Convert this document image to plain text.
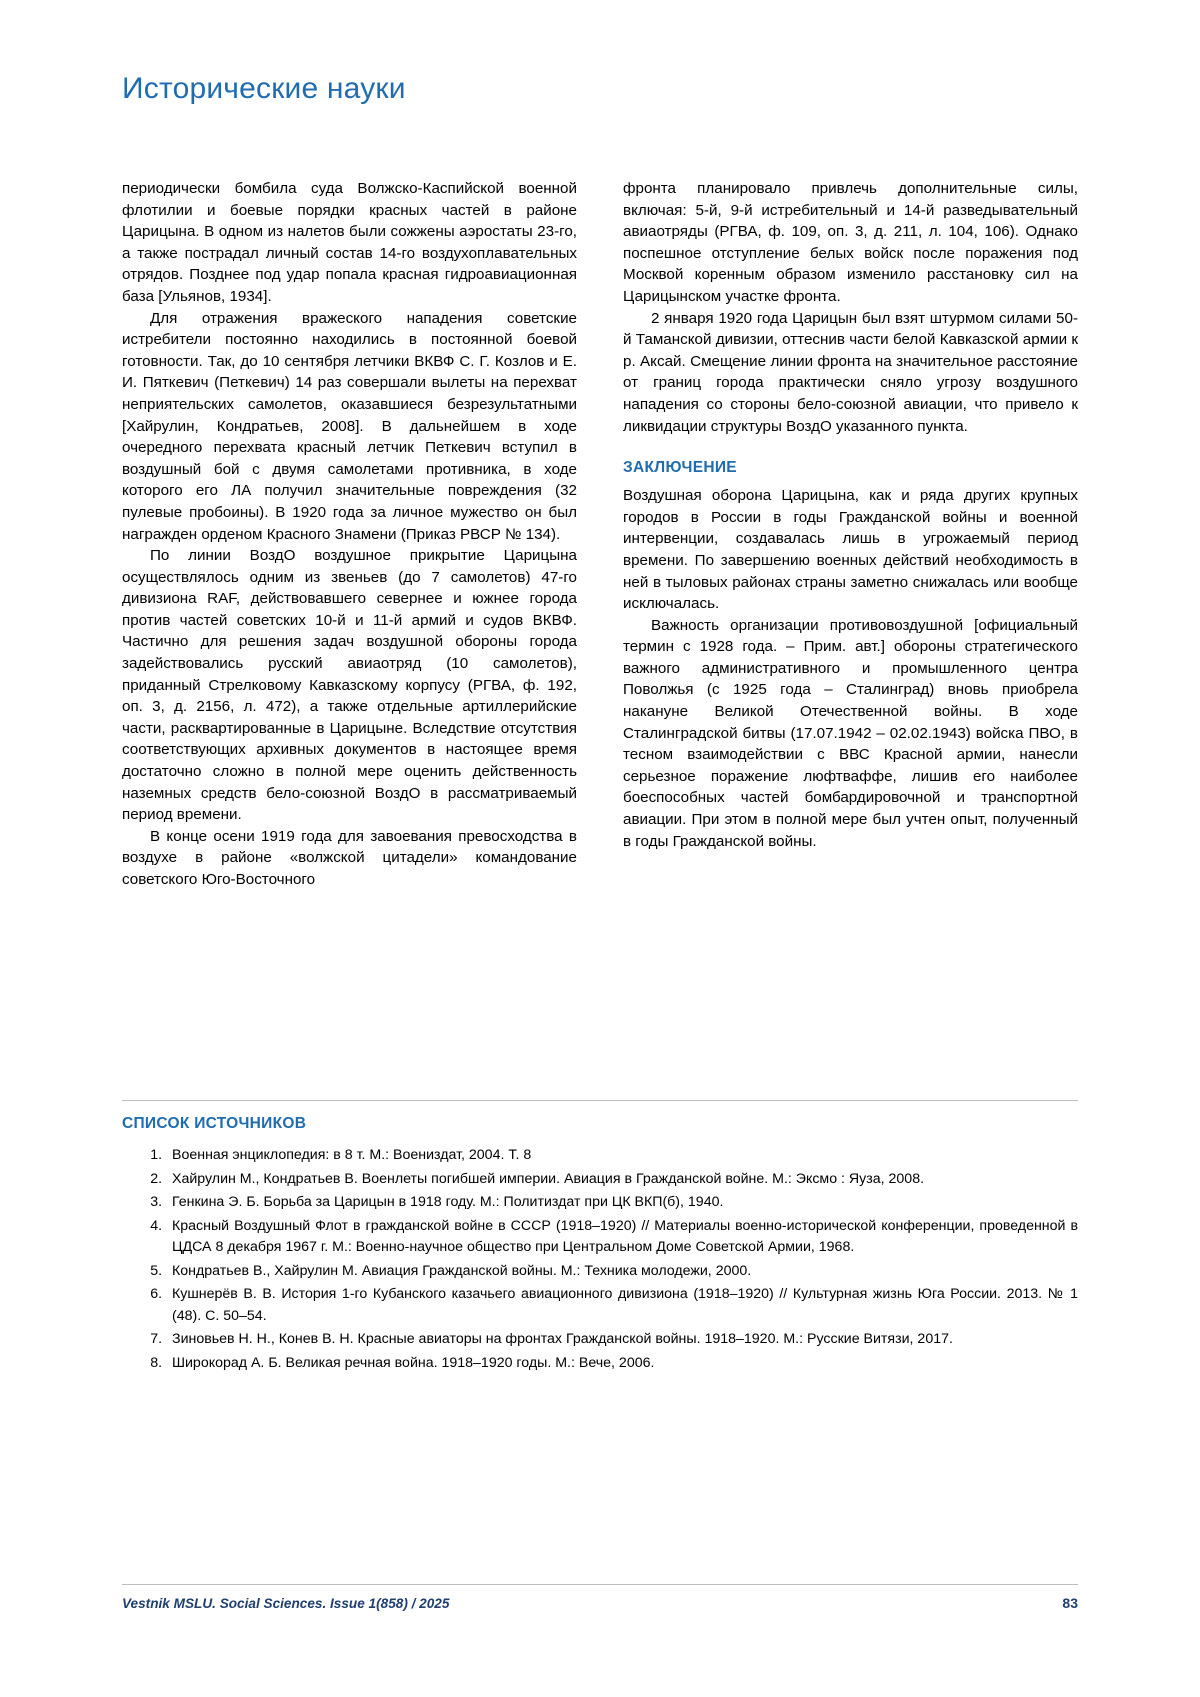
Исторические науки

периодически бомбила суда Волжско-Каспийской военной флотилии и боевые порядки красных частей в районе Царицына. В одном из налетов были сожжены аэростаты 23-го, а также пострадал личный состав 14-го воздухоплавательных отрядов. Позднее под удар попала красная гидроавиационная база [Ульянов, 1934].

Для отражения вражеского нападения советские истребители постоянно находились в постоянной боевой готовности. Так, до 10 сентября летчики ВКВФ С. Г. Козлов и Е. И. Пяткевич (Петкевич) 14 раз совершали вылеты на перехват неприятельских самолетов, оказавшиеся безрезультатными [Хайрулин, Кондратьев, 2008]. В дальнейшем в ходе очередного перехвата красный летчик Петкевич вступил в воздушный бой с двумя самолетами противника, в ходе которого его ЛА получил значительные повреждения (32 пулевые пробоины). В 1920 года за личное мужество он был награжден орденом Красного Знамени (Приказ РВСР № 134).

По линии ВоздО воздушное прикрытие Царицына осуществлялось одним из звеньев (до 7 самолетов) 47-го дивизиона RAF, действовавшего севернее и южнее города против частей советских 10-й и 11-й армий и судов ВКВФ. Частично для решения задач воздушной обороны города задействовались русский авиаотряд (10 самолетов), приданный Стрелковому Кавказскому корпусу (РГВА, ф. 192, оп. 3, д. 2156, л. 472), а также отдельные артиллерийские части, расквартированные в Царицыне. Вследствие отсутствия соответствующих архивных документов в настоящее время достаточно сложно в полной мере оценить действенность наземных средств бело-союзной ВоздО в рассматриваемый период времени.

В конце осени 1919 года для завоевания превосходства в воздухе в районе «волжской цитадели» командование советского Юго-Восточного

фронта планировало привлечь дополнительные силы, включая: 5-й, 9-й истребительный и 14-й разведывательный авиаотряды (РГВА, ф. 109, оп. 3, д. 211, л. 104, 106). Однако поспешное отступление белых войск после поражения под Москвой коренным образом изменило расстановку сил на Царицынском участке фронта.

2 января 1920 года Царицын был взят штурмом силами 50-й Таманской дивизии, оттеснив части белой Кавказской армии к р. Аксай. Смещение линии фронта на значительное расстояние от границ города практически сняло угрозу воздушного нападения со стороны бело-союзной авиации, что привело к ликвидации структуры ВоздО указанного пункта.

ЗАКЛЮЧЕНИЕ

Воздушная оборона Царицына, как и ряда других крупных городов в России в годы Гражданской войны и военной интервенции, создавалась лишь в угрожаемый период времени. По завершению военных действий необходимость в ней в тыловых районах страны заметно снижалась или вообще исключалась.

Важность организации противовоздушной [официальный термин с 1928 года. – Прим. авт.] обороны стратегического важного административного и промышленного центра Поволжья (с 1925 года – Сталинград) вновь приобрела накануне Великой Отечественной войны. В ходе Сталинградской битвы (17.07.1942 – 02.02.1943) войска ПВО, в тесном взаимодействии с ВВС Красной армии, нанесли серьезное поражение люфтваффе, лишив его наиболее боеспособных частей бомбардировочной и транспортной авиации. При этом в полной мере был учтен опыт, полученный в годы Гражданской войны.

СПИСОК ИСТОЧНИКОВ
1. Военная энциклопедия: в 8 т. М.: Воениздат, 2004. Т. 8
2. Хайрулин М., Кондратьев В. Военлеты погибшей империи. Авиация в Гражданской войне. М.: Эксмо : Яуза, 2008.
3. Генкина Э. Б. Борьба за Царицын в 1918 году. М.: Политиздат при ЦК ВКП(б), 1940.
4. Красный Воздушный Флот в гражданской войне в СССР (1918–1920) // Материалы военно-исторической конференции, проведенной в ЦДСА 8 декабря 1967 г. М.: Военно-научное общество при Центральном Доме Советской Армии, 1968.
5. Кондратьев В., Хайрулин М. Авиация Гражданской войны. М.: Техника молодежи, 2000.
6. Кушнерёв В. В. История 1-го Кубанского казачьего авиационного дивизиона (1918–1920) // Культурная жизнь Юга России. 2013. № 1 (48). С. 50–54.
7. Зиновьев Н. Н., Конев В. Н. Красные авиаторы на фронтах Гражданской войны. 1918–1920. М.: Русские Витязи, 2017.
8. Широкорад А. Б. Великая речная война. 1918–1920 годы. М.: Вече, 2006.
Vestnik MSLU. Social Sciences. Issue 1(858) / 2025	83
